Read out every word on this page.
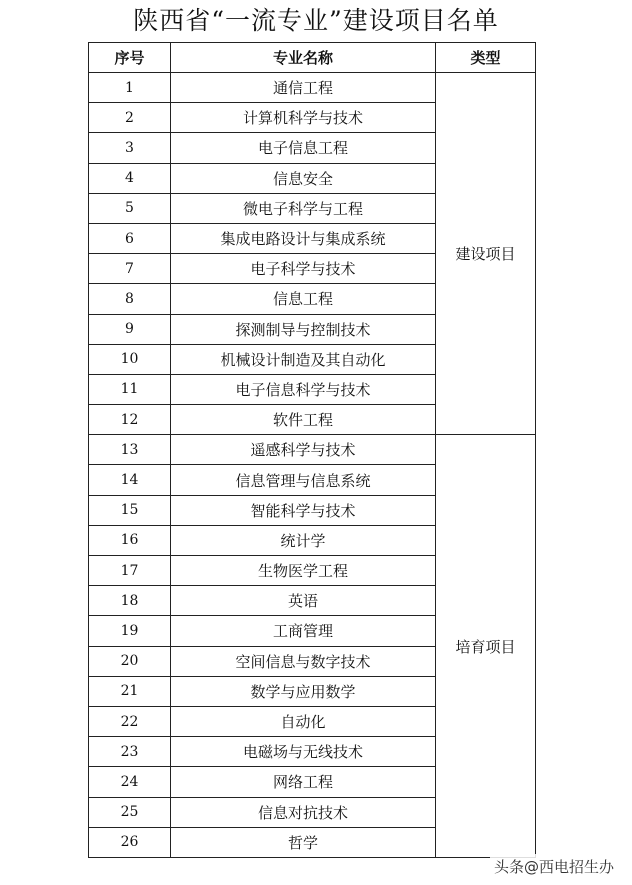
陕西省“一流专业”建设项目名单
序号	专业名称	类型
1	通信工程	建设项目
2	计算机科学与技术	
3	电子信息工程	
4	信息安全	
5	微电子科学与工程	
6	集成电路设计与集成系统	
7	电子科学与技术	
8	信息工程	
9	探测制导与控制技术	
10	机械设计制造及其自动化	
11	电子信息科学与技术	
12	软件工程	
13	遥感科学与技术	培育项目
14	信息管理与信息系统	
15	智能科学与技术	
16	统计学	
17	生物医学工程	
18	英语	
19	工商管理	
20	空间信息与数字技术	
21	数学与应用数学	
22	自动化	
23	电磁场与无线技术	
24	网络工程	
25	信息对抗技术	
26	哲学	
头条@西电招生办
